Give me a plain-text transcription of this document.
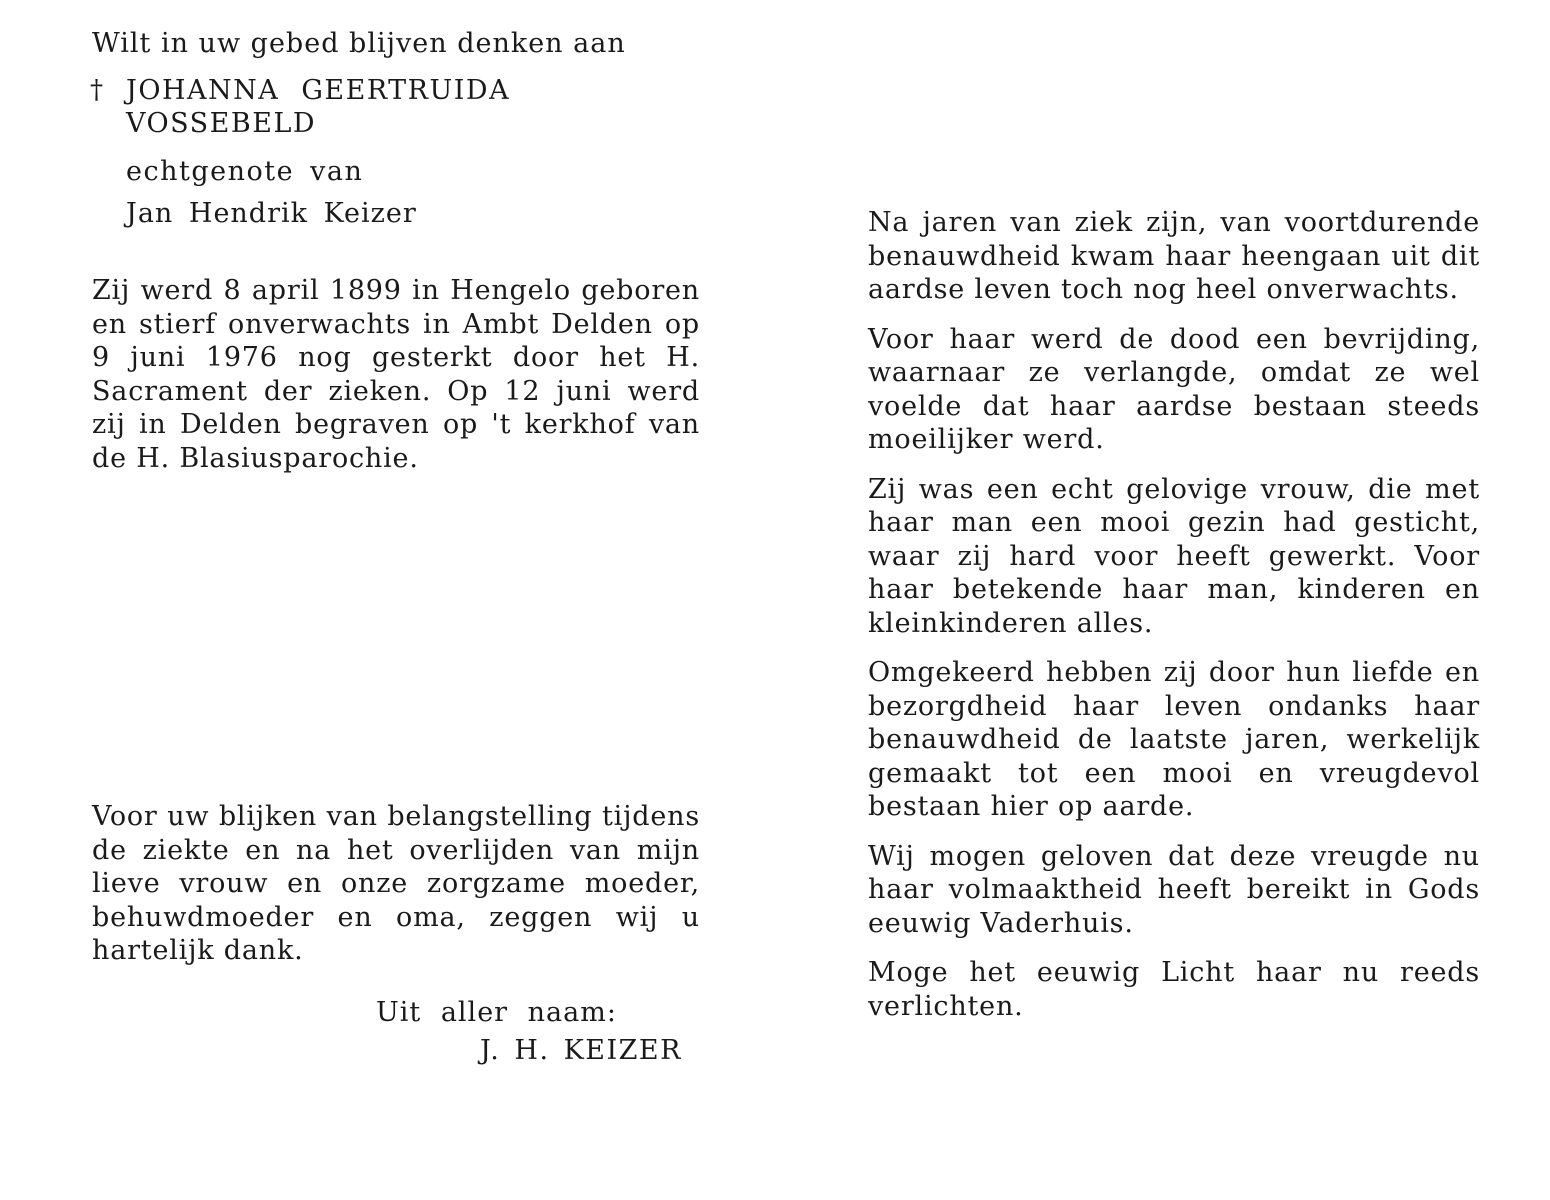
Wilt in uw gebed blijven denken aan

† JOHANNA GEERTRUIDA
VOSSEBELD
echtgenote van
Jan Hendrik Keizer

Zij werd 8 april 1899 in Hengelo geboren en stierf onverwachts in Ambt Delden op 9 juni 1976 nog gesterkt door het H. Sacrament der zieken. Op 12 juni werd zij in Delden begraven op 't kerkhof van de H. Blasiusparochie.

Voor uw blijken van belangstelling tijdens de ziekte en na het overlijden van mijn lieve vrouw en onze zorgzame moeder, behuwdmoeder en oma, zeggen wij u hartelijk dank.

Uit aller naam:
J. H. KEIZER

Na jaren van ziek zijn, van voortdurende benauwdheid kwam haar heengaan uit dit aardse leven toch nog heel onverwachts.

Voor haar werd de dood een bevrijding, waarnaar ze verlangde, omdat ze wel voelde dat haar aardse bestaan steeds moeilijker werd.

Zij was een echt gelovige vrouw, die met haar man een mooi gezin had gesticht, waar zij hard voor heeft gewerkt. Voor haar betekende haar man, kinderen en kleinkinderen alles.

Omgekeerd hebben zij door hun liefde en bezorgdheid haar leven ondanks haar benauwdheid de laatste jaren, werkelijk gemaakt tot een mooi en vreugdevol bestaan hier op aarde.

Wij mogen geloven dat deze vreugde nu haar volmaaktheid heeft bereikt in Gods eeuwig Vaderhuis.

Moge het eeuwig Licht haar nu reeds verlichten.
